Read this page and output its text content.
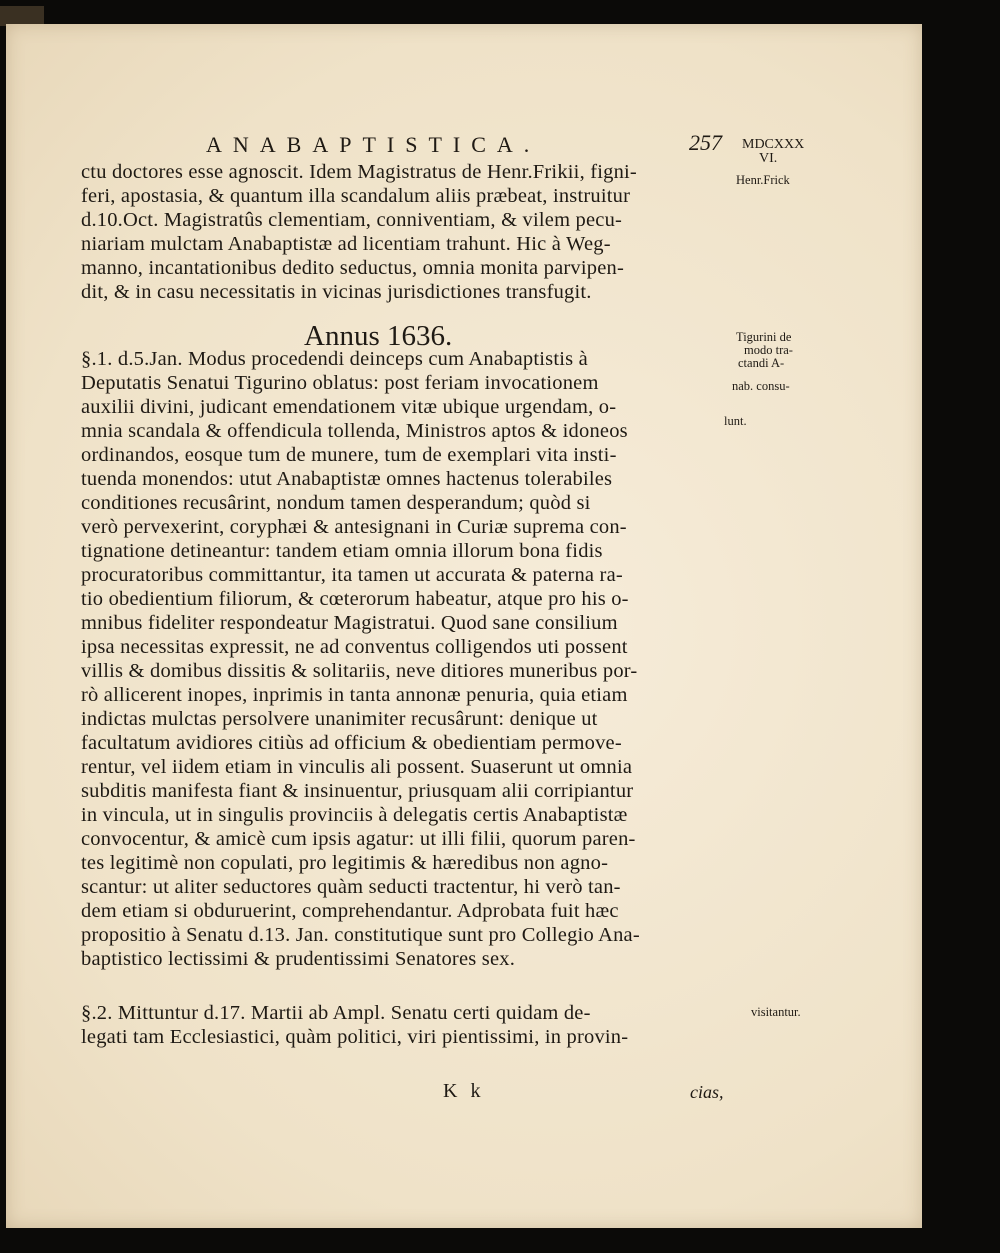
ANABAPTISTICA.	257
ctu doctores esse agnoscit. Idem Magistratus de Henr.Frikii, figni-
feri, apostasia, & quantum illa scandalum aliis præbeat, instruitur
d.10.Oct. Magistratûs clementiam, conniventiam, & vilem pecu-
niariam mulctam Anabaptistæ ad licentiam trahunt. Hic à Weg-
manno, incantationibus dedito seductus, omnia monita parvipen-
dit, & in casu necessitatis in vicinas jurisdictiones transfugit.
Annus 1636.
§.1. d.5.Jan. Modus procedendi deinceps cum Anabaptistis à
Deputatis Senatui Tigurino oblatus: post feriam invocationem
auxilii divini, judicant emendationem vitæ ubique urgendam, o-
mnia scandala & offendicula tollenda, Ministros aptos & idoneos
ordinandos, eosque tum de munere, tum de exemplari vita insti-
tuenda monendos: utut Anabaptistæ omnes hactenus tolerabiles
conditiones recusârint, nondum tamen desperandum; quòd si
verò pervexerint, coryphæi & antesignani in Curiæ suprema con-
tignatione detineantur: tandem etiam omnia illorum bona fidis
procuratoribus committantur, ita tamen ut accurata & paterna ra-
tio obedientium filiorum, & cœterorum habeatur, atque pro his o-
mnibus fideliter respondeatur Magistratui. Quod sane consilium
ipsa necessitas expressit, ne ad conventus colligendos uti possent
villis & domibus dissitis & solitariis, neve ditiores muneribus por-
rò allicerent inopes, inprimis in tanta annonæ penuria, quia etiam
indictas mulctas persolvere unanimiter recusârunt: denique ut
facultatum avidiores citiùs ad officium & obedientiam permove-
rentur, vel iidem etiam in vinculis ali possent. Suaserunt ut omnia
subditis manifesta fiant & insinuentur, priusquam alii corripiantur
in vincula, ut in singulis provinciis à delegatis certis Anabaptistæ
convocentur, & amicè cum ipsis agatur: ut illi filii, quorum paren-
tes legitimè non copulati, pro legitimis & hæredibus non agno-
scantur: ut aliter seductores quàm seducti tractentur, hi verò tan-
dem etiam si obduruerint, comprehendantur. Adprobata fuit hæc
propositio à Senatu d.13. Jan. constitutique sunt pro Collegio Ana-
baptistico lectissimi & prudentissimi Senatores sex.
§.2. Mittuntur d.17. Martii ab Ampl. Senatu certi quidam de-
legati tam Ecclesiastici, quàm politici, viri pientissimi, in provin-
MDCXXX
VI.
Henr.Frick
Tigurini de
modo tra-
ctandi A-
nab. consu-
lunt.
visitantur.
K k	cias,
